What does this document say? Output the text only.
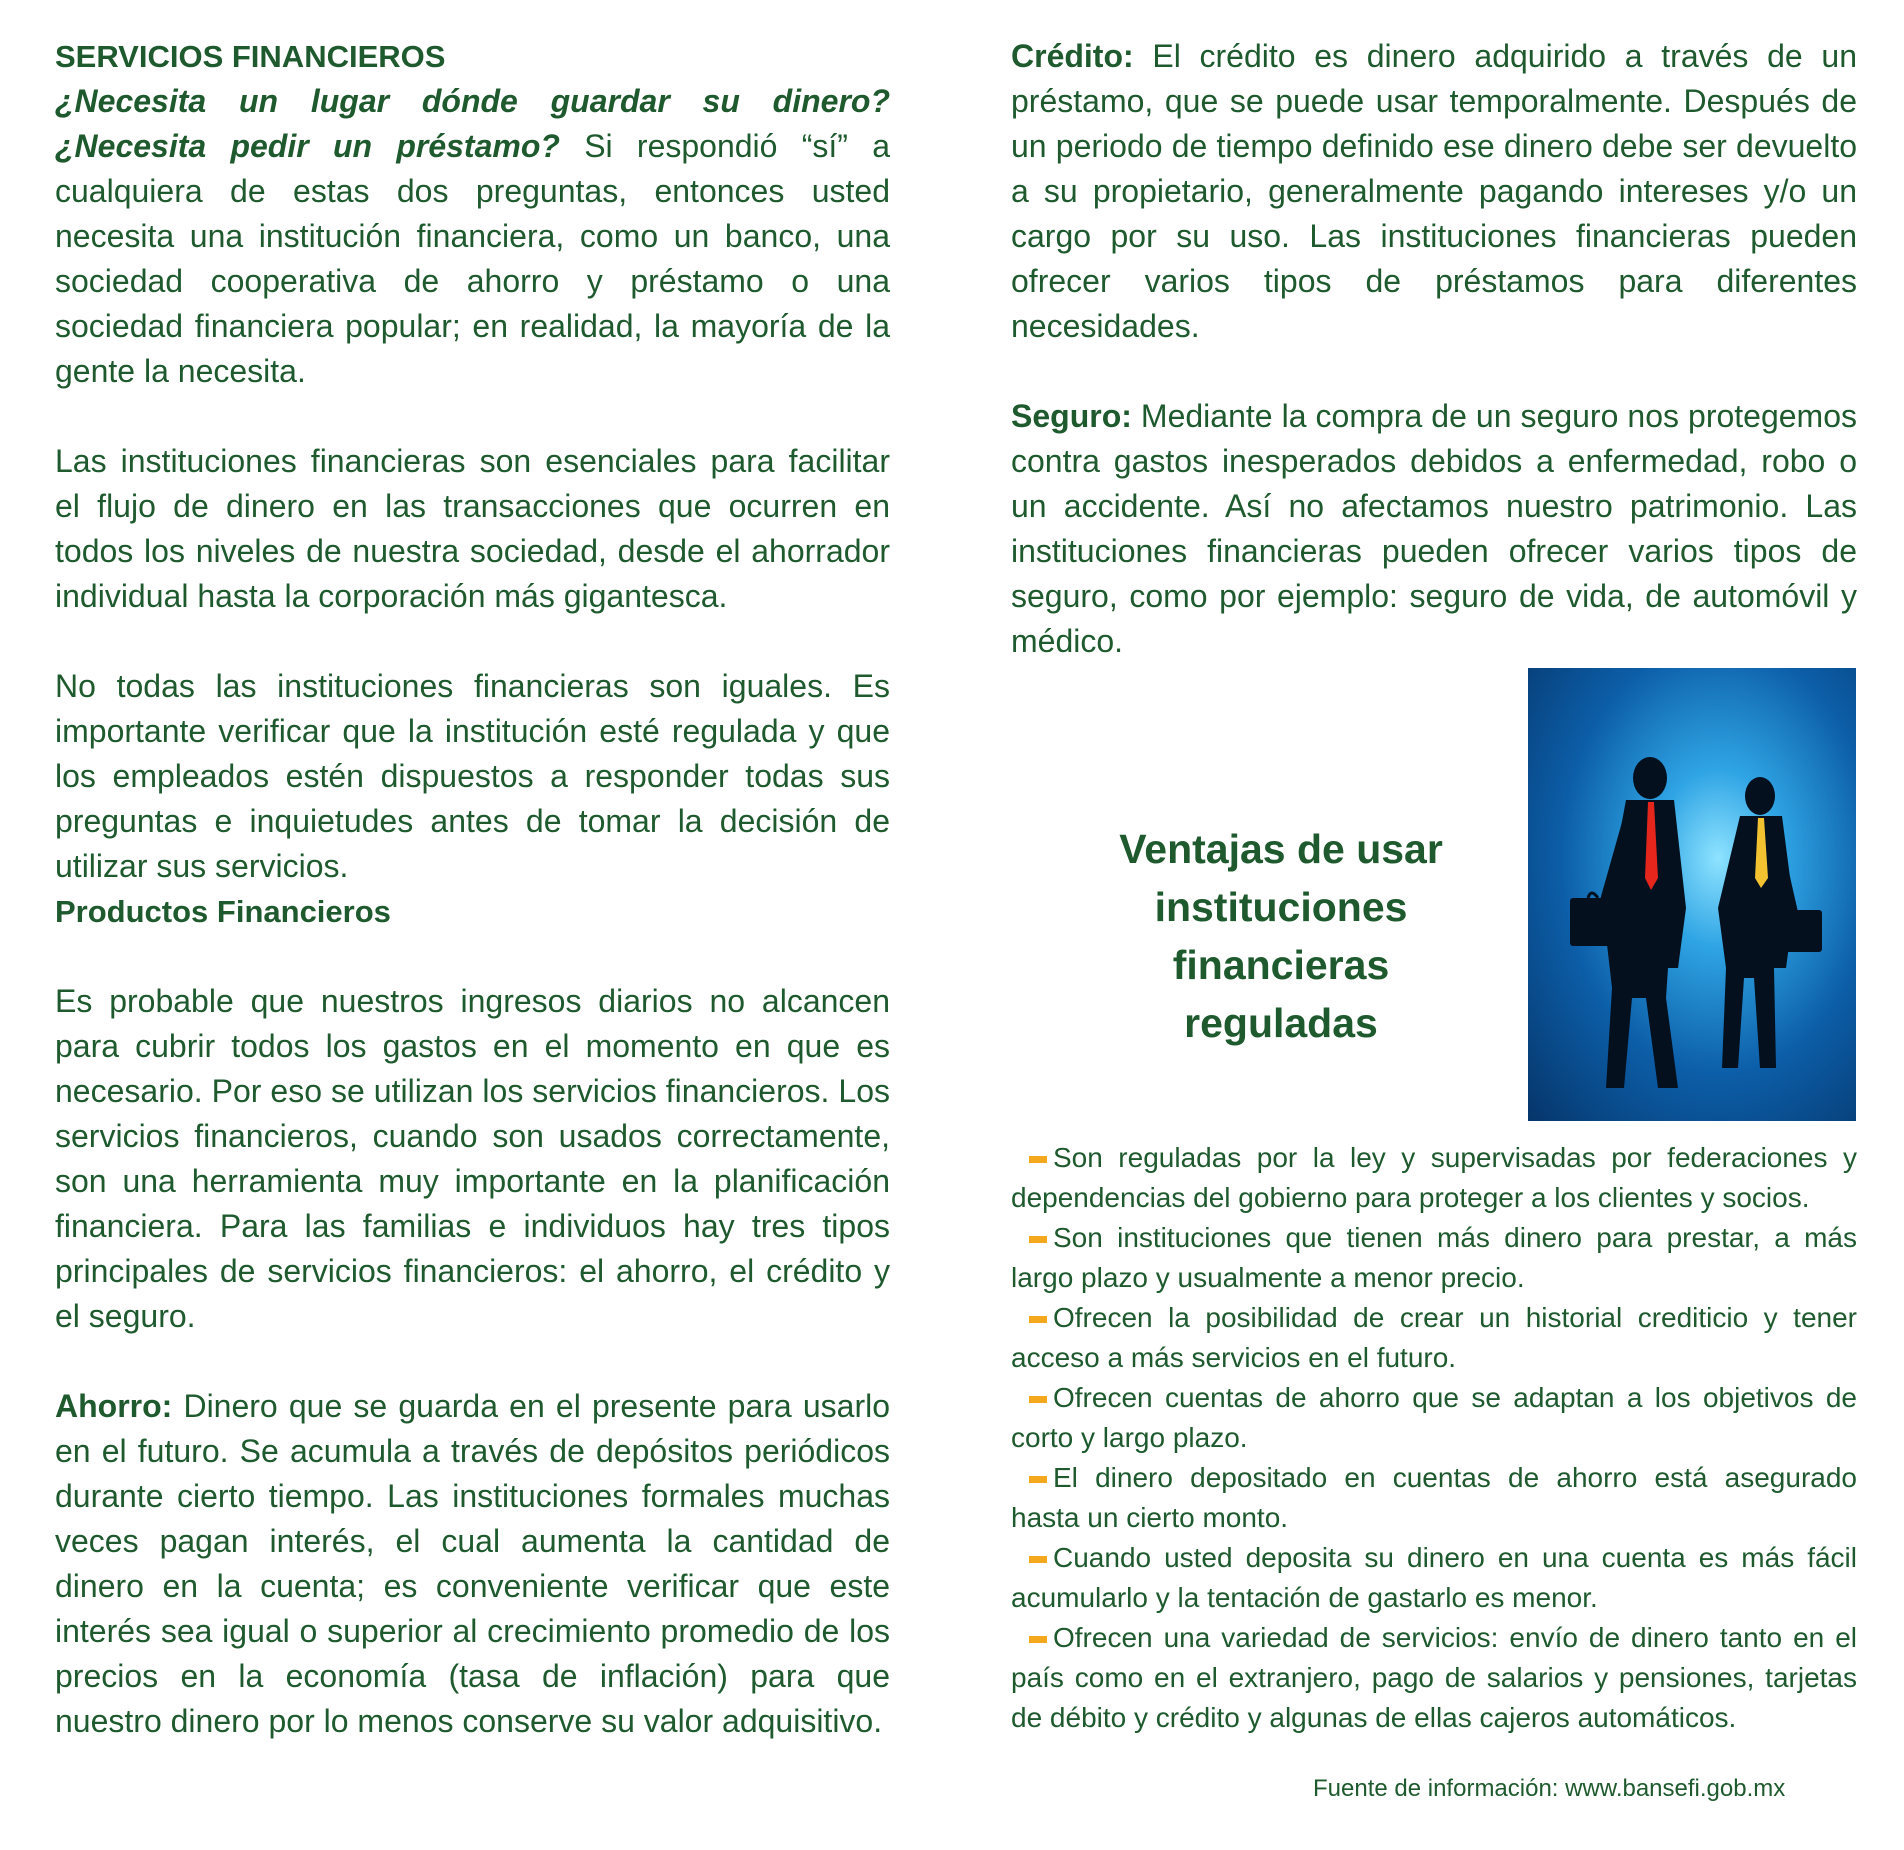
SERVICIOS FINANCIEROS

¿Necesita un lugar dónde guardar su dinero? ¿Necesita pedir un préstamo? Si respondió “sí” a cualquiera de estas dos preguntas, entonces usted necesita una institución financiera, como un banco, una sociedad cooperativa de ahorro y préstamo o una sociedad financiera popular; en realidad, la mayoría de la gente la necesita.

Las instituciones financieras son esenciales para facilitar el flujo de dinero en las transacciones que ocurren en todos los niveles de nuestra sociedad, desde el ahorrador individual hasta la corporación más gigantesca.

No todas las instituciones financieras son iguales. Es importante verificar que la institución esté regulada y que los empleados estén dispuestos a responder todas sus preguntas e inquietudes antes de tomar la decisión de utilizar sus servicios.

Productos Financieros

Es probable que nuestros ingresos diarios no alcancen para cubrir todos los gastos en el momento en que es necesario. Por eso se utilizan los servicios financieros. Los servicios financieros, cuando son usados correctamente, son una herramienta muy importante en la planificación financiera. Para las familias e individuos hay tres tipos principales de servicios financieros: el ahorro, el crédito y el seguro.

Ahorro: Dinero que se guarda en el presente para usarlo en el futuro. Se acumula a través de depósitos periódicos durante cierto tiempo. Las instituciones formales muchas veces pagan interés, el cual aumenta la cantidad de dinero en la cuenta; es conveniente verificar que este interés sea igual o superior al crecimiento promedio de los precios en la economía (tasa de inflación) para que nuestro dinero por lo menos conserve su valor adquisitivo.

Crédito: El crédito es dinero adquirido a través de un préstamo, que se puede usar temporalmente. Después de un periodo de tiempo definido ese dinero debe ser devuelto a su propietario, generalmente pagando intereses y/o un cargo por su uso. Las instituciones financieras pueden ofrecer varios tipos de préstamos para diferentes necesidades.

Seguro: Mediante la compra de un seguro nos protegemos contra gastos inesperados debidos a enfermedad, robo o un accidente. Así no afectamos nuestro patrimonio. Las instituciones financieras pueden ofrecer varios tipos de seguro, como por ejemplo: seguro de vida, de automóvil y médico.

Ventajas de usar instituciones financieras reguladas

Son reguladas por la ley y supervisadas por federaciones y dependencias del gobierno para proteger a los clientes y socios.

Son instituciones que tienen más dinero para prestar, a más largo plazo y usualmente a menor precio.

Ofrecen la posibilidad de crear un historial crediticio y tener acceso a más servicios en el futuro.

Ofrecen cuentas de ahorro que se adaptan a los objetivos de corto y largo plazo.

El dinero depositado en cuentas de ahorro está asegurado hasta un cierto monto.

Cuando usted deposita su dinero en una cuenta es más fácil acumularlo y la tentación de gastarlo es menor.

Ofrecen una variedad de servicios: envío de dinero tanto en el país como en el extranjero, pago de salarios y pensiones, tarjetas de débito y crédito y algunas de ellas cajeros automáticos.

Fuente de información: www.bansefi.gob.mx
